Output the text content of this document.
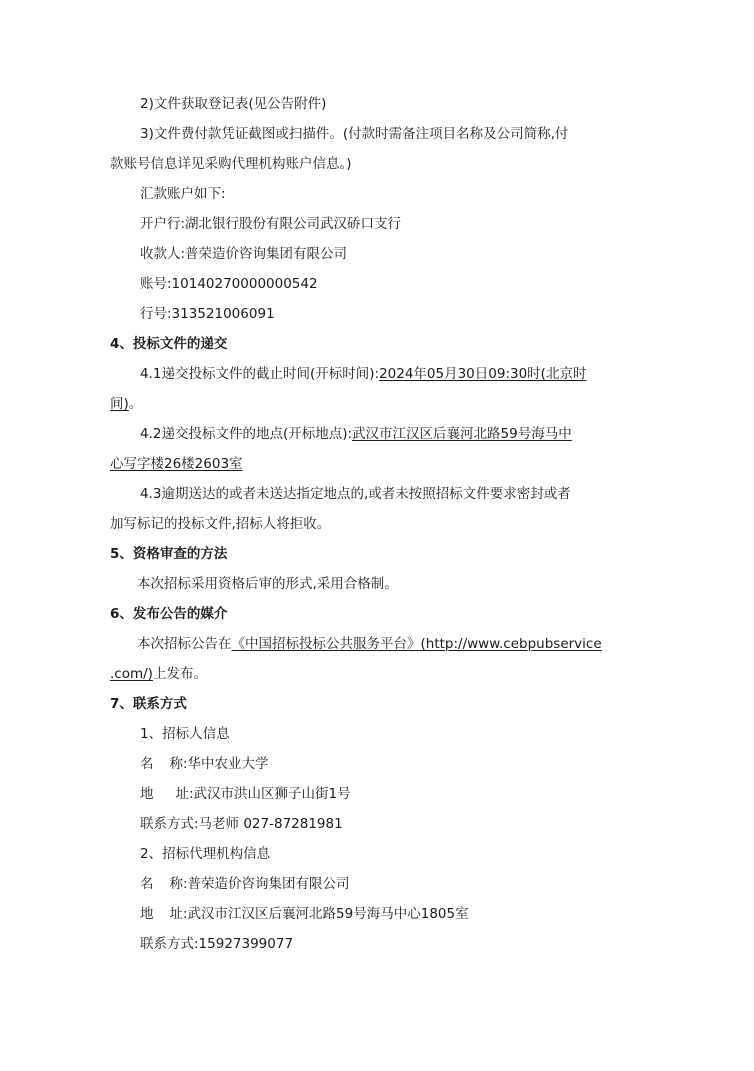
2)文件获取登记表(见公告附件)
3)文件费付款凭证截图或扫描件。(付款时需备注项目名称及公司简称,付
款账号信息详见采购代理机构账户信息。)
汇款账户如下:
开户行:湖北银行股份有限公司武汉硚口支行
收款人:普荣造价咨询集团有限公司
账号:10140270000000542
行号:313521006091
4、投标文件的递交
4.1递交投标文件的截止时间(开标时间):2024年05月30日09:30时(北京时
间)。
4.2递交投标文件的地点(开标地点):武汉市江汉区后襄河北路59号海马中
心写字楼26楼2603室
4.3逾期送达的或者未送达指定地点的,或者未按照招标文件要求密封或者
加写标记的投标文件,招标人将拒收。
5、资格审查的方法
本次招标采用资格后审的形式,采用合格制。
6、发布公告的媒介
本次招标公告在《中国招标投标公共服务平台》(http://www.cebpubservice
.com/)上发布。
7、联系方式
1、招标人信息
名 称:华中农业大学
地 址:武汉市洪山区狮子山街1号
联系方式:马老师 027-87281981
2、招标代理机构信息
名 称:普荣造价咨询集团有限公司
地 址:武汉市江汉区后襄河北路59号海马中心1805室
联系方式:15927399077
